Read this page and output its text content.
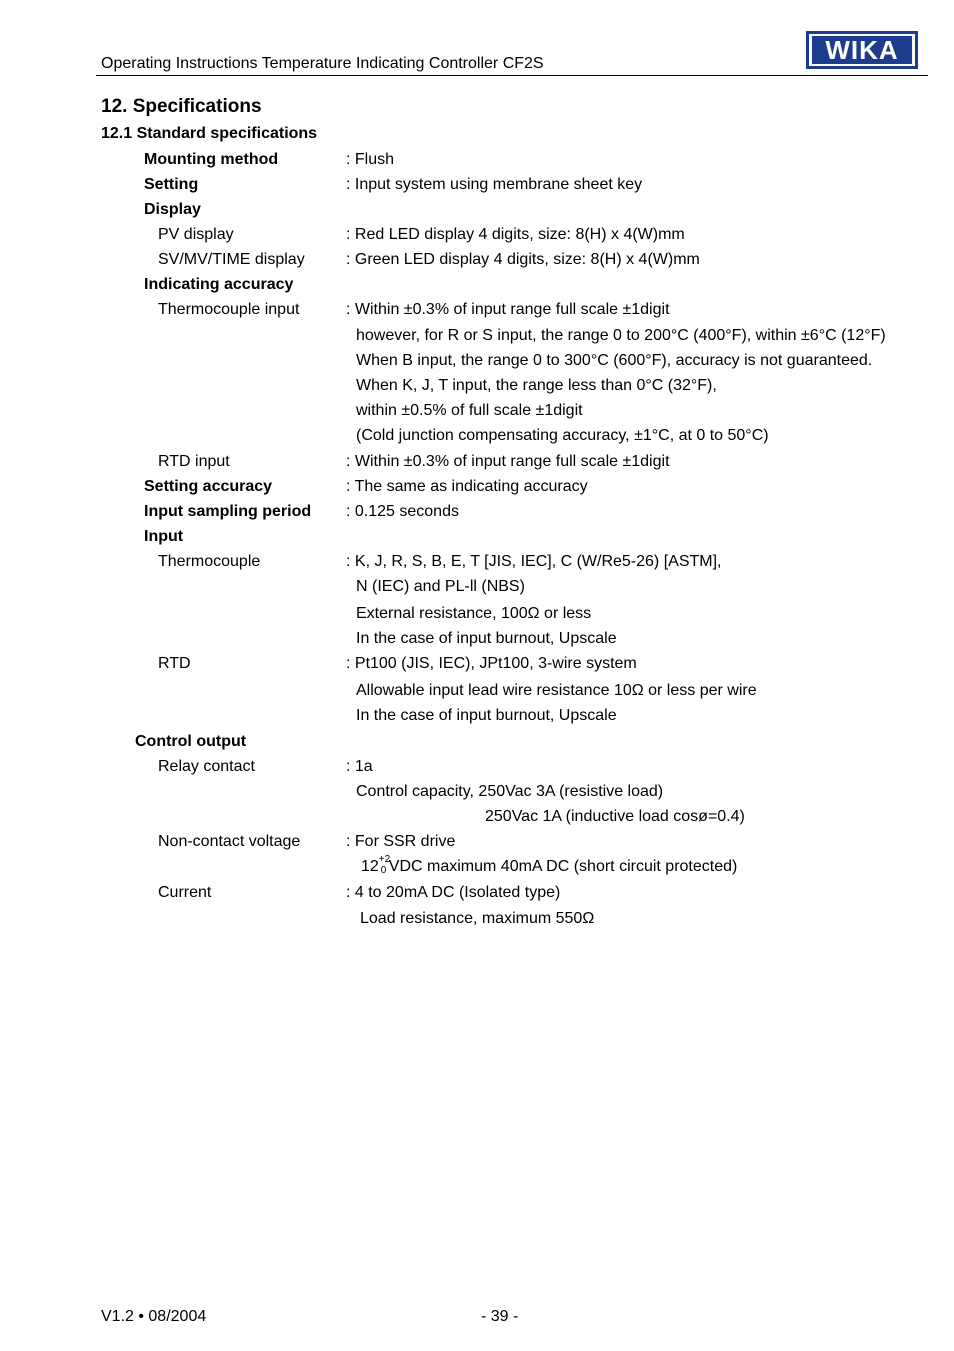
Operating Instructions Temperature Indicating Controller CF2S	WIKA
12. Specifications
12.1 Standard specifications
Mounting method	: Flush
Setting	: Input system using membrane sheet key
Display
PV display	: Red LED display 4 digits, size: 8(H) x 4(W)mm
SV/MV/TIME display	: Green LED display 4 digits, size: 8(H) x 4(W)mm
Indicating accuracy
Thermocouple input	: Within ±0.3% of input range full scale ±1digit
however, for R or S input, the range 0 to 200°C (400°F), within ±6°C (12°F)
When B input, the range 0 to 300°C (600°F), accuracy is not guaranteed.
When K, J, T input, the range less than 0°C (32°F),
within ±0.5% of full scale ±1digit
(Cold junction compensating accuracy, ±1°C, at 0 to 50°C)
RTD input	: Within ±0.3% of input range full scale ±1digit
Setting accuracy	: The same as indicating accuracy
Input sampling period : 0.125 seconds
Input
Thermocouple	: K, J, R, S, B, E, T [JIS, IEC], C (W/Re5-26) [ASTM],
N (IEC) and PL-ll (NBS)
External resistance, 100Ω or less
In the case of input burnout, Upscale
RTD	: Pt100 (JIS, IEC), JPt100, 3-wire system
Allowable input lead wire resistance 10Ω or less per wire
In the case of input burnout, Upscale
Control output
Relay contact	: 1a
Control capacity, 250Vac 3A (resistive load)
250Vac 1A (inductive load cosø=0.4)
Non-contact voltage	: For SSR drive
12 +2
0 VDC maximum 40mA DC (short circuit protected)
Current	: 4 to 20mA DC (Isolated type)
Load resistance, maximum 550Ω
V1.2 • 08/2004	- 39 -
